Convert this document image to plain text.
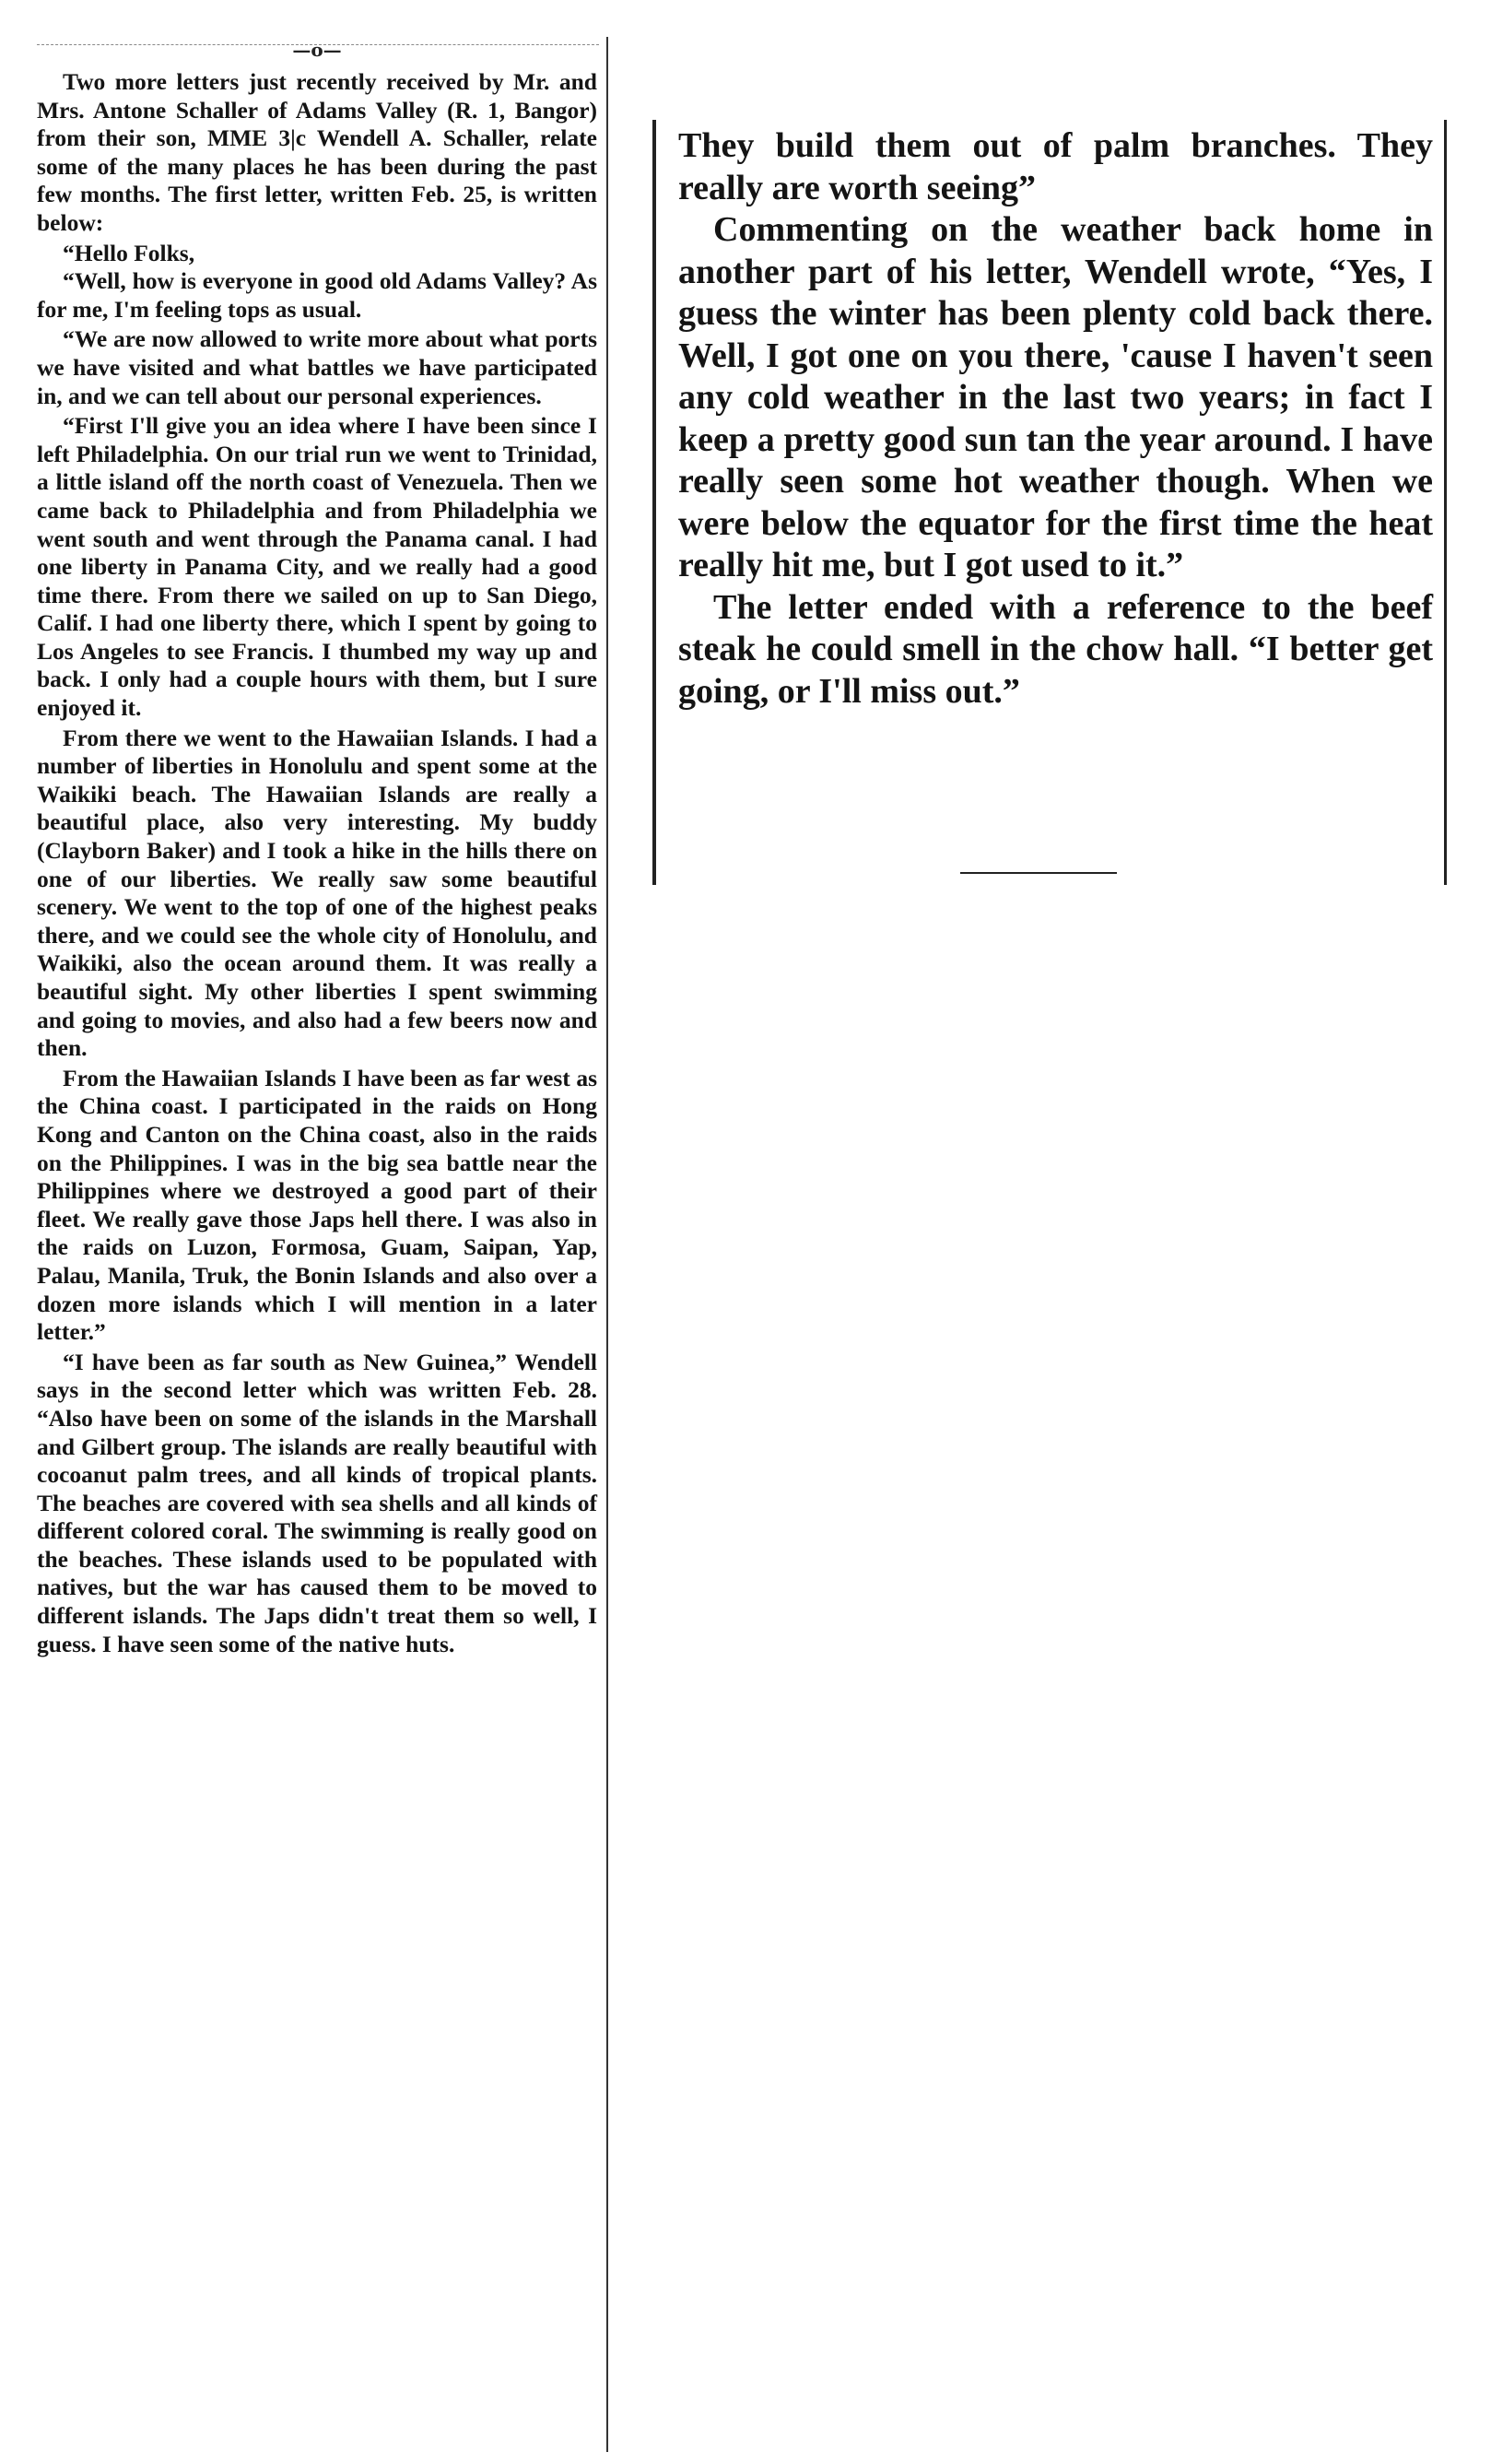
—o—

Two more letters just recently received by Mr. and Mrs. Antone Schaller of Adams Valley (R. 1, Bangor) from their son, MME 3|c Wendell A. Schaller, relate some of the many places he has been during the past few months. The first letter, written Feb. 25, is written below:

“Hello Folks,

“Well, how is everyone in good old Adams Valley? As for me, I'm feeling tops as usual.

“We are now allowed to write more about what ports we have visited and what battles we have participated in, and we can tell about our personal experiences.

“First I'll give you an idea where I have been since I left Philadelphia. On our trial run we went to Trinidad, a little island off the north coast of Venezuela. Then we came back to Philadelphia and from Philadelphia we went south and went through the Panama canal. I had one liberty in Panama City, and we really had a good time there. From there we sailed on up to San Diego, Calif. I had one liberty there, which I spent by going to Los Angeles to see Francis. I thumbed my way up and back. I only had a couple hours with them, but I sure enjoyed it.

From there we went to the Hawaiian Islands. I had a number of liberties in Honolulu and spent some at the Waikiki beach. The Hawaiian Islands are really a beautiful place, also very interesting. My buddy (Clayborn Baker) and I took a hike in the hills there on one of our liberties. We really saw some beautiful scenery. We went to the top of one of the highest peaks there, and we could see the whole city of Honolulu, and Waikiki, also the ocean around them. It was really a beautiful sight. My other liberties I spent swimming and going to movies, and also had a few beers now and then.

From the Hawaiian Islands I have been as far west as the China coast. I participated in the raids on Hong Kong and Canton on the China coast, also in the raids on the Philippines. I was in the big sea battle near the Philippines where we destroyed a good part of their fleet. We really gave those Japs hell there. I was also in the raids on Luzon, Formosa, Guam, Saipan, Yap, Palau, Manila, Truk, the Bonin Islands and also over a dozen more islands which I will mention in a later letter.”

“I have been as far south as New Guinea,” Wendell says in the second letter which was written Feb. 28. “Also have been on some of the islands in the Marshall and Gilbert group. The islands are really beautiful with cocoanut palm trees, and all kinds of tropical plants. The beaches are covered with sea shells and all kinds of different colored coral. The swimming is really good on the beaches. These islands used to be populated with natives, but the war has caused them to be moved to different islands. The Japs didn't treat them so well, I guess. I have seen some of the native huts.

They build them out of palm branches. They really are worth seeing”

Commenting on the weather back home in another part of his letter, Wendell wrote, “Yes, I guess the winter has been plenty cold back there. Well, I got one on you there, 'cause I haven't seen any cold weather in the last two years; in fact I keep a pretty good sun tan the year around. I have really seen some hot weather though. When we were below the equator for the first time the heat really hit me, but I got used to it.”

The letter ended with a reference to the beef steak he could smell in the chow hall. “I better get going, or I'll miss out.”
